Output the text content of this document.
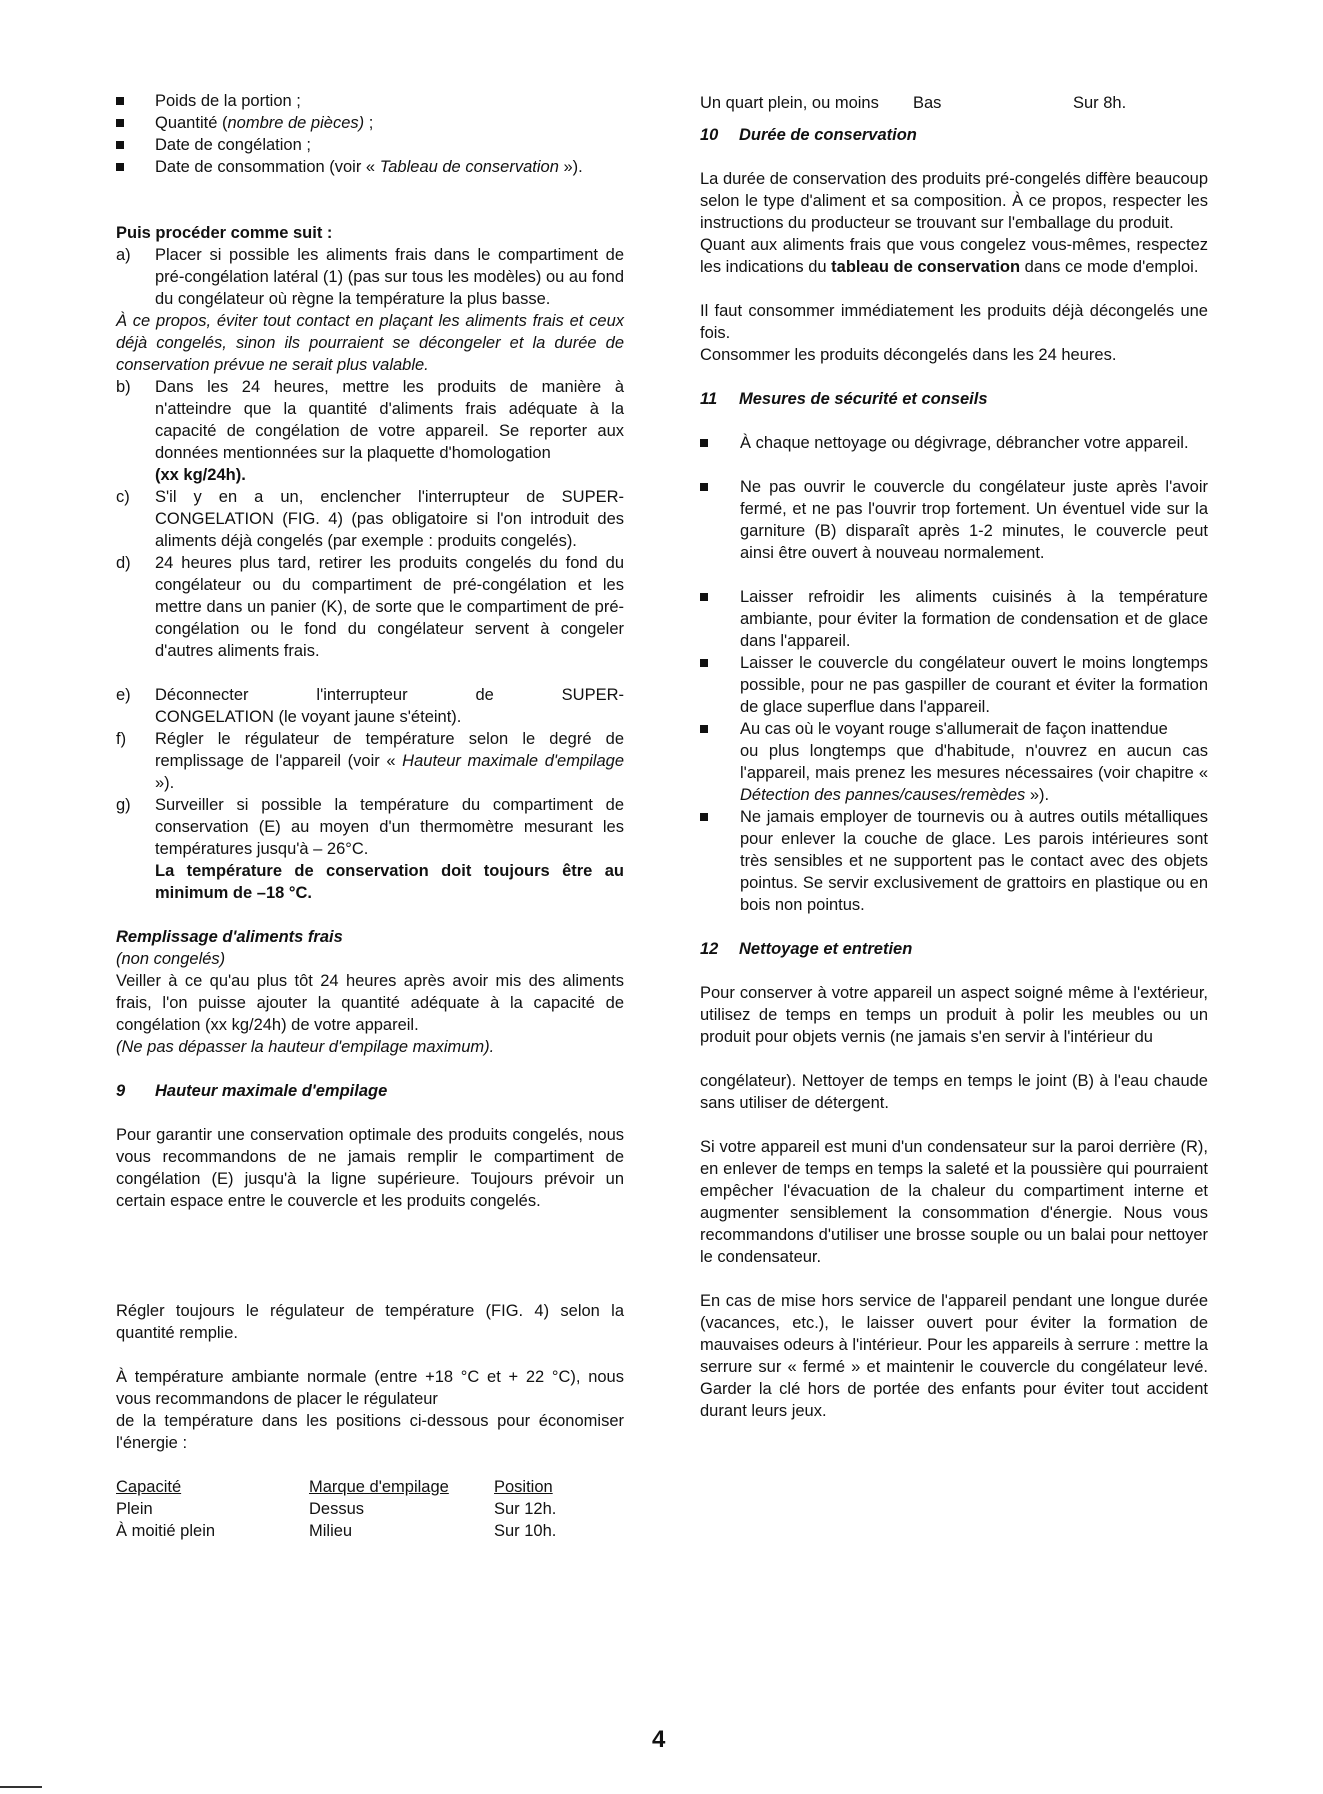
Poids de la portion ;
Quantité (nombre de pièces) ;
Date de congélation ;
Date de consommation (voir « Tableau de conservation »).

Puis procéder comme suit :

a) Placer si possible les aliments frais dans le compartiment de pré-congélation latéral (1) (pas sur tous les modèles) ou au fond du congélateur où règne la température la plus basse.

À ce propos, éviter tout contact en plaçant les aliments frais et ceux déjà congelés, sinon ils pourraient se décongeler et la durée de conservation prévue ne serait plus valable.

b) Dans les 24 heures, mettre les produits de manière à n'atteindre que la quantité d'aliments frais adéquate à la capacité de congélation de votre appareil. Se reporter aux données mentionnées sur la plaquette d'homologation
(xx kg/24h).
c) S'il y en a un, enclencher l'interrupteur de SUPER-CONGELATION (FIG. 4) (pas obligatoire si l'on introduit des aliments déjà congelés (par exemple : produits congelés).
d) 24 heures plus tard, retirer les produits congelés du fond du congélateur ou du compartiment de pré-congélation et les mettre dans un panier (K), de sorte que le compartiment de pré-congélation ou le fond du congélateur servent à congeler d'autres aliments frais.
e) Déconnecter l'interrupteur de SUPER-
CONGELATION (le voyant jaune s'éteint).
f) Régler le régulateur de température selon le degré de remplissage de l'appareil (voir « Hauteur maximale d'empilage »).
g) Surveiller si possible la température du compartiment de conservation (E) au moyen d'un thermomètre mesurant les températures jusqu'à – 26°C.
La température de conservation doit toujours être au minimum de –18 °C.

Remplissage d'aliments frais

(non congelés)

Veiller à ce qu'au plus tôt 24 heures après avoir mis des aliments frais, l'on puisse ajouter la quantité adéquate à la capacité de congélation (xx kg/24h) de votre appareil.

(Ne pas dépasser la hauteur d'empilage maximum).

9 Hauteur maximale d'empilage

Pour garantir une conservation optimale des produits congelés, nous vous recommandons de ne jamais remplir le compartiment de congélation (E) jusqu'à la ligne supérieure. Toujours prévoir un certain espace entre le couvercle et les produits congelés.

Régler toujours le régulateur de température (FIG. 4) selon la quantité remplie.

À température ambiante normale (entre +18 °C et + 22 °C), nous vous recommandons de placer le régulateur

de la température dans les positions ci-dessous pour économiser l'énergie :

Capacité	Marque d'empilage	Position
Plein	Dessus	Sur 12h.
À moitié plein	Milieu	Sur 10h.
Un quart plein, ou moins	Bas	Sur 8h.

10 Durée de conservation

La durée de conservation des produits pré-congelés diffère beaucoup selon le type d'aliment et sa composition. À ce propos, respecter les instructions du producteur se trouvant sur l'emballage du produit.

Quant aux aliments frais que vous congelez vous-mêmes, respectez les indications du tableau de conservation dans ce mode d'emploi.

Il faut consommer immédiatement les produits déjà décongelés une fois.

Consommer les produits décongelés dans les 24 heures.

11 Mesures de sécurité et conseils

À chaque nettoyage ou dégivrage, débrancher votre appareil.
Ne pas ouvrir le couvercle du congélateur juste après l'avoir fermé, et ne pas l'ouvrir trop fortement. Un éventuel vide sur la garniture (B) disparaît après 1-2 minutes, le couvercle peut ainsi être ouvert à nouveau normalement.
Laisser refroidir les aliments cuisinés à la température ambiante, pour éviter la formation de condensation et de glace dans l'appareil.
Laisser le couvercle du congélateur ouvert le moins longtemps possible, pour ne pas gaspiller de courant et éviter la formation de glace superflue dans l'appareil.
Au cas où le voyant rouge s'allumerait de façon inattendue
ou plus longtemps que d'habitude, n'ouvrez en aucun cas l'appareil, mais prenez les mesures nécessaires (voir chapitre « Détection des pannes/causes/remèdes »).
Ne jamais employer de tournevis ou à autres outils métalliques pour enlever la couche de glace. Les parois intérieures sont très sensibles et ne supportent pas le contact avec des objets pointus. Se servir exclusivement de grattoirs en plastique ou en bois non pointus.

12 Nettoyage et entretien

Pour conserver à votre appareil un aspect soigné même à l'extérieur, utilisez de temps en temps un produit à polir les meubles ou un produit pour objets vernis (ne jamais s'en servir à l'intérieur du

congélateur). Nettoyer de temps en temps le joint (B) à l'eau chaude sans utiliser de détergent.

Si votre appareil est muni d'un condensateur sur la paroi derrière (R), en enlever de temps en temps la saleté et la poussière qui pourraient empêcher l'évacuation de la chaleur du compartiment interne et augmenter sensiblement la consommation d'énergie. Nous vous recommandons d'utiliser une brosse souple ou un balai pour nettoyer le condensateur.

En cas de mise hors service de l'appareil pendant une longue durée (vacances, etc.), le laisser ouvert pour éviter la formation de mauvaises odeurs à l'intérieur. Pour les appareils à serrure : mettre la serrure sur « fermé » et maintenir le couvercle du congélateur levé. Garder la clé hors de portée des enfants pour éviter tout accident durant leurs jeux.

4
